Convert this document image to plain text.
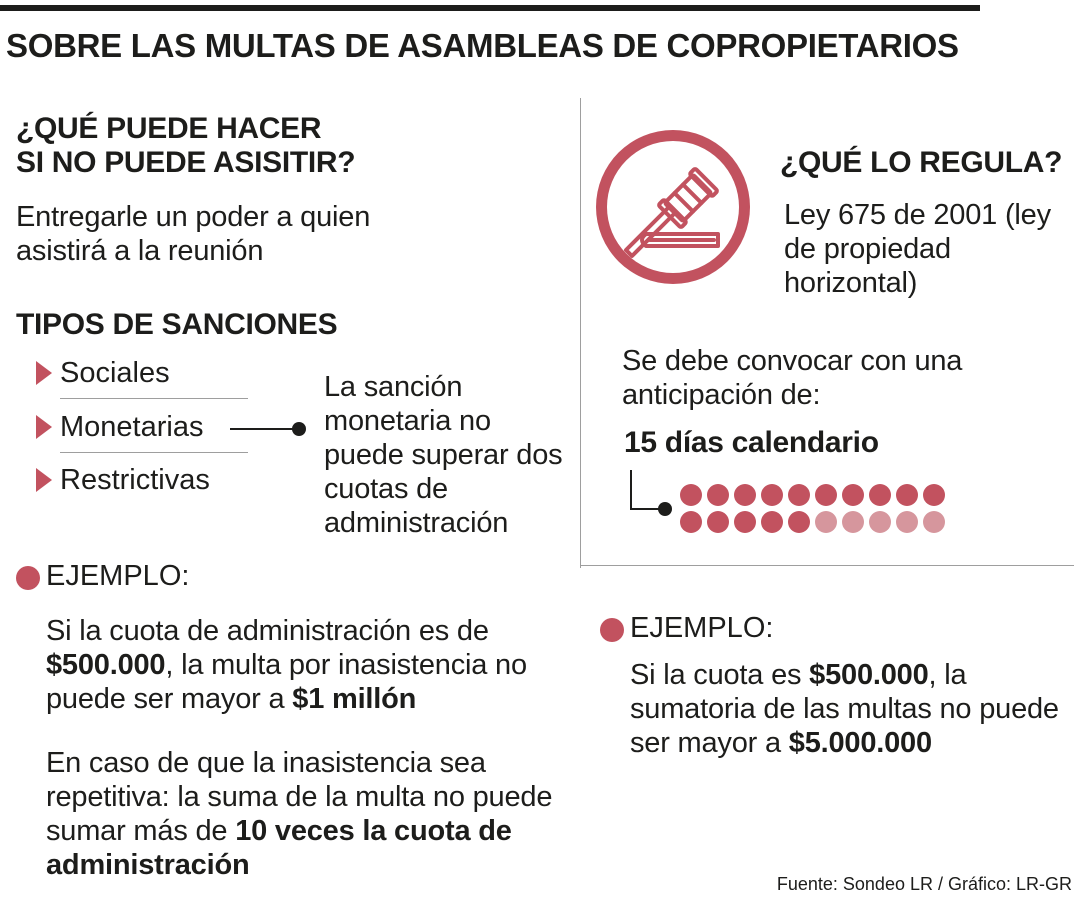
SOBRE LAS MULTAS DE ASAMBLEAS DE COPROPIETARIOS
¿QUÉ PUEDE HACER
SI NO PUEDE ASISITIR?
Entregarle un poder a quien asistirá a la reunión
TIPOS DE SANCIONES
Sociales
Monetarias
Restrictivas
La sanción monetaria no puede superar dos cuotas de administración
EJEMPLO:
Si la cuota de administración es de $500.000, la multa por inasistencia no puede ser mayor a $1 millón
En caso de que la inasistencia sea repetitiva: la suma de la multa no puede sumar más de 10 veces la cuota de administración
¿QUÉ LO REGULA?
Ley 675 de 2001 (ley de propiedad horizontal)
Se debe convocar con una anticipación de:
15 días calendario
EJEMPLO:
Si la cuota es $500.000, la sumatoria de las multas no puede ser mayor a $5.000.000
Fuente: Sondeo LR / Gráfico: LR-GR
